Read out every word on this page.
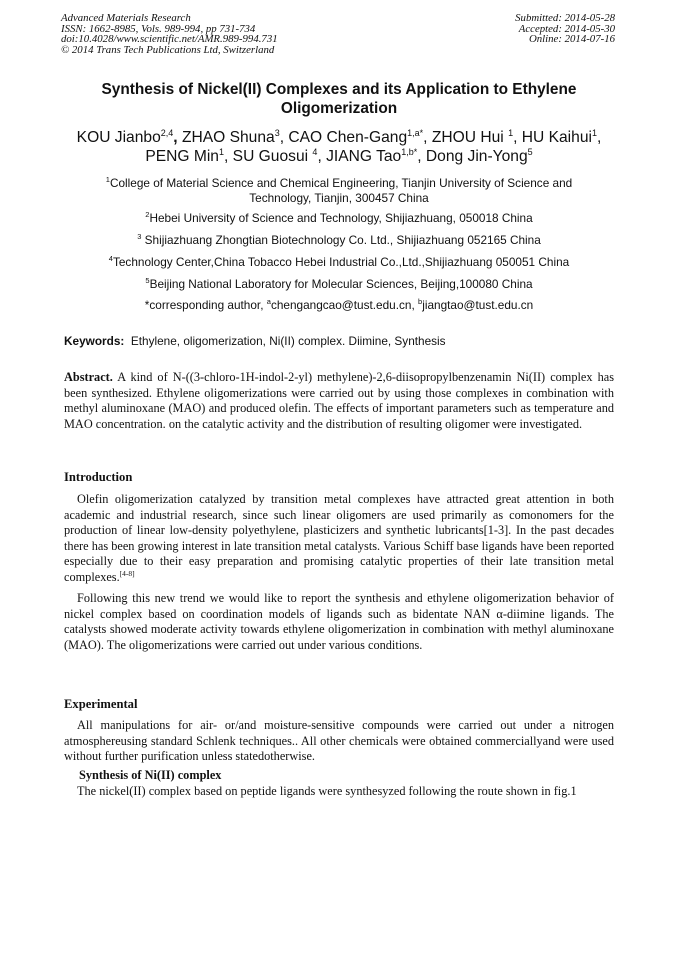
Advanced Materials Research
ISSN: 1662-8985, Vols. 989-994, pp 731-734
doi:10.4028/www.scientific.net/AMR.989-994.731
© 2014 Trans Tech Publications Ltd, Switzerland
Submitted: 2014-05-28
Accepted: 2014-05-30
Online: 2014-07-16
Synthesis of Nickel(II) Complexes and its Application to Ethylene
Oligomerization
KOU Jianbo$^{2,4}$, ZHAO Shuna$^3$, CAO Chen-Gang$^{1,a*}$, ZHOU Hui $^1$, HU Kaihui$^1$,
PENG Min$^1$, SU Guosui $^4$, JIANG Tao$^{1,b*}$, Dong Jin-Yong$^5$
$^1$College of Material Science and Chemical Engineering, Tianjin University of Science and
Technology, Tianjin, 300457 China
$^2$Hebei University of Science and Technology, Shijiazhuang, 050018 China
$^3$ Shijiazhuang Zhongtian Biotechnology Co. Ltd., Shijiazhuang 052165 China
$^4$Technology Center,China Tobacco Hebei Industrial Co.,Ltd.,Shijiazhuang 050051 China
$^5$Beijing National Laboratory for Molecular Sciences, Beijing,100080 China
*corresponding author, $^a$chengangcao@tust.edu.cn, $^b$jiangtao@tust.edu.cn
Keywords: Ethylene, oligomerization, Ni(II) complex. Diimine, Synthesis
Abstract. A kind of N-((3-chloro-1H-indol-2-yl) methylene)-2,6-diisopropylbenzenamin Ni(II) complex has been synthesized. Ethylene oligomerizations were carried out by using those complexes in combination with methyl aluminoxane (MAO) and produced olefin. The effects of important parameters such as temperature and MAO concentration. on the catalytic activity and the distribution of resulting oligomer were investigated.
Introduction
Olefin oligomerization catalyzed by transition metal complexes have attracted great attention in both academic and industrial research, since such linear oligomers are used primarily as comonomers for the production of linear low-density polyethylene, plasticizers and synthetic lubricants[1-3]. In the past decades there has been growing interest in late transition metal catalysts. Various Schiff base ligands have been reported especially due to their easy preparation and promising catalytic properties of their late transition metal complexes.[4-8]
Following this new trend we would like to report the synthesis and ethylene oligomerization behavior of nickel complex based on coordination models of ligands such as bidentate NAN α-diimine ligands. The catalysts showed moderate activity towards ethylene oligomerization in combination with methyl aluminoxane (MAO). The oligomerizations were carried out under various conditions.
Experimental
All manipulations for air- or/and moisture-sensitive compounds were carried out under a nitrogen atmosphereusing standard Schlenk techniques.. All other chemicals were obtained commerciallyand were used without further purification unless statedotherwise.
Synthesis of Ni(II) complex
The nickel(II) complex based on peptide ligands were synthesyzed following the route shown in fig.1
